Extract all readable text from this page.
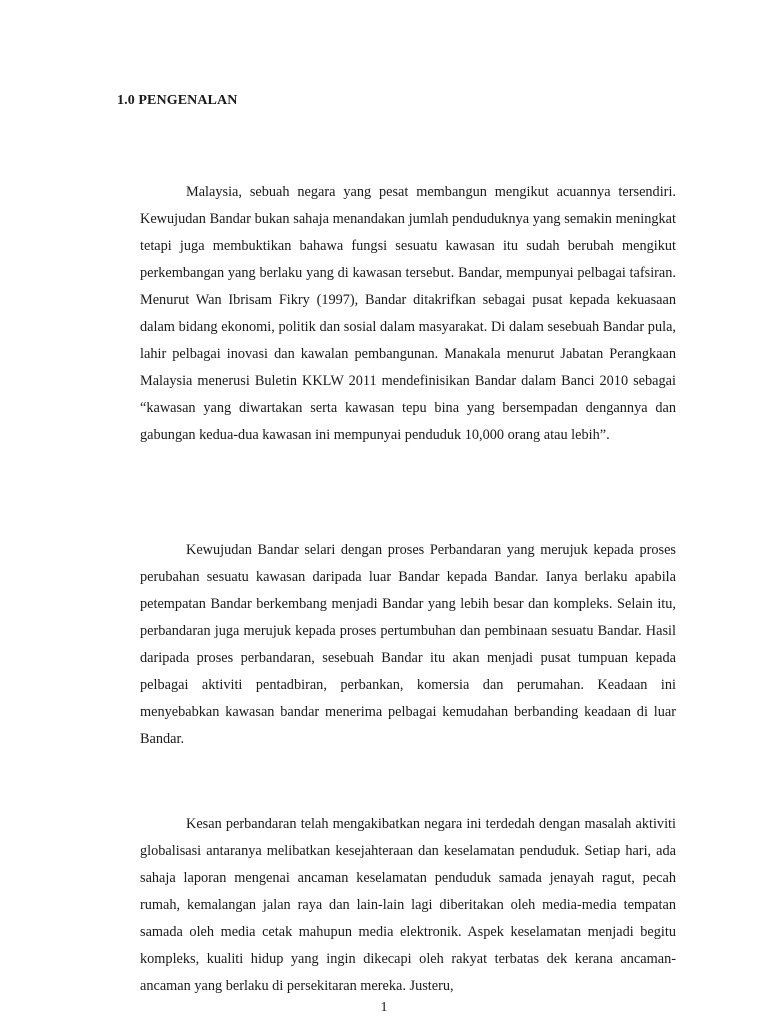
1.0 PENGENALAN

Malaysia, sebuah negara yang pesat membangun mengikut acuannya tersendiri. Kewujudan Bandar bukan sahaja menandakan jumlah penduduknya yang semakin meningkat tetapi juga membuktikan bahawa fungsi sesuatu kawasan itu sudah berubah mengikut perkembangan yang berlaku yang di kawasan tersebut. Bandar, mempunyai pelbagai tafsiran. Menurut Wan Ibrisam Fikry (1997), Bandar ditakrifkan sebagai pusat kepada kekuasaan dalam bidang ekonomi, politik dan sosial dalam masyarakat. Di dalam sesebuah Bandar pula, lahir pelbagai inovasi dan kawalan pembangunan. Manakala menurut Jabatan Perangkaan Malaysia menerusi Buletin KKLW 2011 mendefinisikan Bandar dalam Banci 2010 sebagai “kawasan yang diwartakan serta kawasan tepu bina yang bersempadan dengannya dan gabungan kedua-dua kawasan ini mempunyai penduduk 10,000 orang atau lebih”.

Kewujudan Bandar selari dengan proses Perbandaran yang merujuk kepada proses perubahan sesuatu kawasan daripada luar Bandar kepada Bandar. Ianya berlaku apabila petempatan Bandar berkembang menjadi Bandar yang lebih besar dan kompleks. Selain itu, perbandaran juga merujuk kepada proses pertumbuhan dan pembinaan sesuatu Bandar. Hasil daripada proses perbandaran, sesebuah Bandar itu akan menjadi pusat tumpuan kepada pelbagai aktiviti pentadbiran, perbankan, komersia dan perumahan. Keadaan ini menyebabkan kawasan bandar menerima pelbagai kemudahan berbanding keadaan di luar Bandar.

Kesan perbandaran telah mengakibatkan negara ini terdedah dengan masalah aktiviti globalisasi antaranya melibatkan kesejahteraan dan keselamatan penduduk. Setiap hari, ada sahaja laporan mengenai ancaman keselamatan penduduk samada jenayah ragut, pecah rumah, kemalangan jalan raya dan lain-lain lagi diberitakan oleh media-media tempatan samada oleh media cetak mahupun media elektronik. Aspek keselamatan menjadi begitu kompleks, kualiti hidup yang ingin dikecapi oleh rakyat terbatas dek kerana ancaman-ancaman yang berlaku di persekitaran mereka. Justeru,

1
